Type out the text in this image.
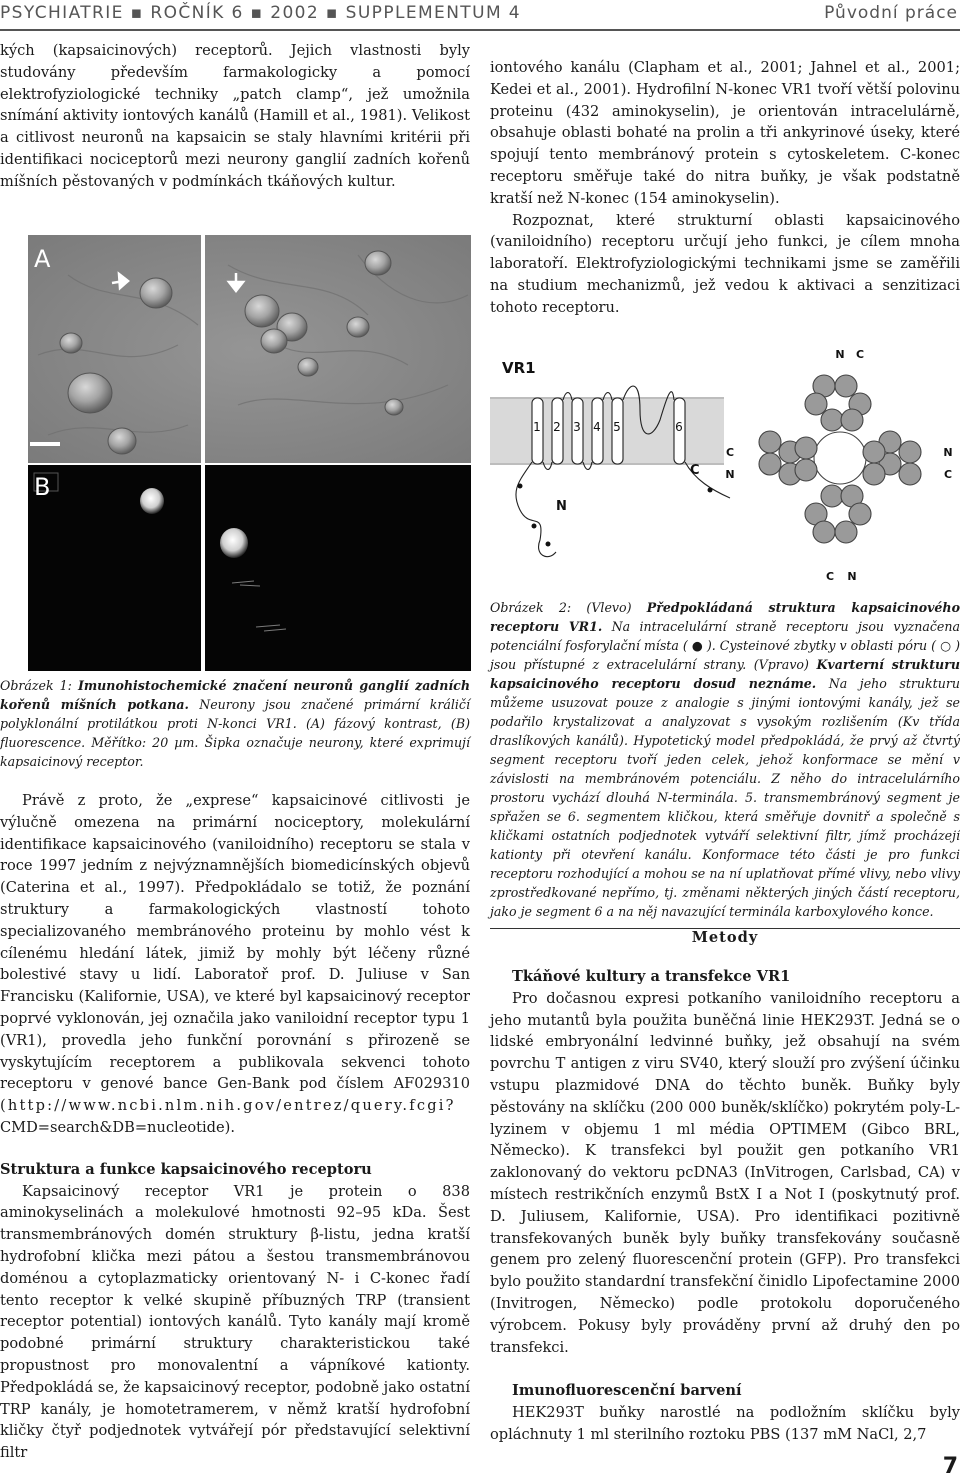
PSYCHIATRIE ▪ ROČNÍK 6 ▪ 2002 ▪ SUPPLEMENTUM 4	Původní práce

kých (kapsaicinových) receptorů. Jejich vlastnosti byly studovány především farmakologicky a pomocí elektrofyziologické techniky „patch clamp“, jež umožnila snímání aktivity iontových kanálů (Hamill et al., 1981). Velikost a citlivost neuronů na kapsaicin se staly hlavními kritérii při identifikaci nociceptorů mezi neurony ganglií zadních kořenů míšních pěstovaných v podmínkách tkáňových kultur.

A
B

Obrázek 1: Imunohistochemické značení neuronů ganglií zadních kořenů míšních potkana. Neurony jsou značené primární králičí polyklonální protilátkou proti N-konci VR1. (A) fázový kontrast, (B) fluorescence. Měřítko: 20 µm. Šipka označuje neurony, které exprimují kapsaicinový receptor.

Právě z proto, že „exprese“ kapsaicinové citlivosti je výlučně omezena na primární nociceptory, molekulární identifikace kapsaicinového (vaniloidního) receptoru se stala v roce 1997 jedním z nejvýznamnějších biomedicínských objevů (Caterina et al., 1997). Předpokládalo se totiž, že poznání struktury a farmakologických vlastností tohoto specializovaného membránového proteinu by mohlo vést k cílenému hledání látek, jimiž by mohly být léčeny různé bolestivé stavy u lidí. Laboratoř prof. D. Juliuse v San Francisku (Kalifornie, USA), ve které byl kapsaicinový receptor poprvé vyklonován, jej označila jako vaniloidní receptor typu 1 (VR1), provedla jeho funkční porovnání s přirozeně se vyskytujícím receptorem a publikovala sekvenci tohoto receptoru v genové bance Gen-Bank pod číslem AF029310 (http://www.ncbi.nlm.nih.gov/entrez/query.fcgi?CMD=search&DB=nucleotide).

Struktura a funkce kapsaicinového receptoru

Kapsaicinový receptor VR1 je protein o 838 aminokyselinách a molekulové hmotnosti 92–95 kDa. Šest transmembránových domén struktury β-listu, jedna kratší hydrofobní klička mezi pátou a šestou transmembránovou doménou a cytoplazmaticky orientovaný N- i C-konec řadí tento receptor k velké skupině příbuzných TRP (transient receptor potential) iontových kanálů. Tyto kanály mají kromě podobné primární struktury charakteristickou také propustnost pro monovalentní a vápníkové kationty. Předpokládá se, že kapsaicinový receptor, podobně jako ostatní TRP kanály, je homotetramerem, v němž kratší hydrofobní kličky čtyř podjednotek vytvářejí pór představující selektivní filtr

iontového kanálu (Clapham et al., 2001; Jahnel et al., 2001; Kedei et al., 2001). Hydrofilní N-konec VR1 tvoří větší polovinu proteinu (432 aminokyselin), je orientován intracelulárně, obsahuje oblasti bohaté na prolin a tři ankyrinové úseky, které spojují tento membránový protein s cytoskeletem. C-konec receptoru směřuje také do nitra buňky, je však podstatně kratší než N-konec (154 aminokyselin).

Rozpoznat, které strukturní oblasti kapsaicinového (vaniloidního) receptoru určují jeho funkci, je cílem mnoha laboratoří. Elektrofyziologickými technikami jsme se zaměřili na studium mechanizmů, jež vedou k aktivaci a senzitizaci tohoto receptoru.

VR1
1 2 3 4 5	6
N
C
N C
C
N
N
C
C N

Obrázek 2: (Vlevo) Předpokládaná struktura kapsaicinového receptoru VR1. Na intracelulární straně receptoru jsou vyznačena potenciální fosforylační místa ( ● ). Cysteinové zbytky v oblasti póru ( ○ ) jsou přístupné z extracelulární strany. (Vpravo) Kvarterní strukturu kapsaicinového receptoru dosud neznáme. Na jeho strukturu můžeme usuzovat pouze z analogie s jinými iontovými kanály, jež se podařilo krystalizovat a analyzovat s vysokým rozlišením (Kv třída draslíkových kanálů). Hypotetický model předpokládá, že prvý až čtvrtý segment receptoru tvoří jeden celek, jehož konformace se mění v závislosti na membránovém potenciálu. Z něho do intracelulárního prostoru vychází dlouhá N-terminála. 5. transmembránový segment je spřažen se 6. segmentem kličkou, která směřuje dovnitř a společně s kličkami ostatních podjednotek vytváří selektivní filtr, jímž procházejí kationty při otevření kanálu. Konformace této části je pro funkci receptoru rozhodující a mohou se na ní uplatňovat přímé vlivy, nebo vlivy zprostředkované nepřímo, tj. změnami některých jiných částí receptoru, jako je segment 6 a na něj navazující terminála karboxylového konce.

Metody
Tkáňové kultury a transfekce VR1

Pro dočasnou expresi potkaního vaniloidního receptoru a jeho mutantů byla použita buněčná linie HEK293T. Jedná se o lidské embryonální ledvinné buňky, jež obsahují na svém povrchu T antigen z viru SV40, který slouží pro zvýšení účinku vstupu plazmidové DNA do těchto buněk. Buňky byly pěstovány na sklíčku (200 000 buněk/sklíčko) pokrytém poly-L-lyzinem v objemu 1 ml média OPTIMEM (Gibco BRL, Německo). K transfekci byl použit gen potkaního VR1 zaklonovaný do vektoru pcDNA3 (InVitrogen, Carlsbad, CA) v místech restrikčních enzymů BstX I a Not I (poskytnutý prof. D. Juliusem, Kalifornie, USA). Pro identifikaci pozitivně transfekovaných buněk byly buňky transfekovány současně genem pro zelený fluorescenční protein (GFP). Pro transfekci bylo použito standardní transfekční činidlo Lipofectamine 2000 (Invitrogen, Německo) podle protokolu doporučeného výrobcem. Pokusy byly prováděny první až druhý den po transfekci.

Imunofluorescenční barvení

HEK293T buňky narostlé na podložním sklíčku byly opláchnuty 1 ml sterilního roztoku PBS (137 mM NaCl, 2,7

7
